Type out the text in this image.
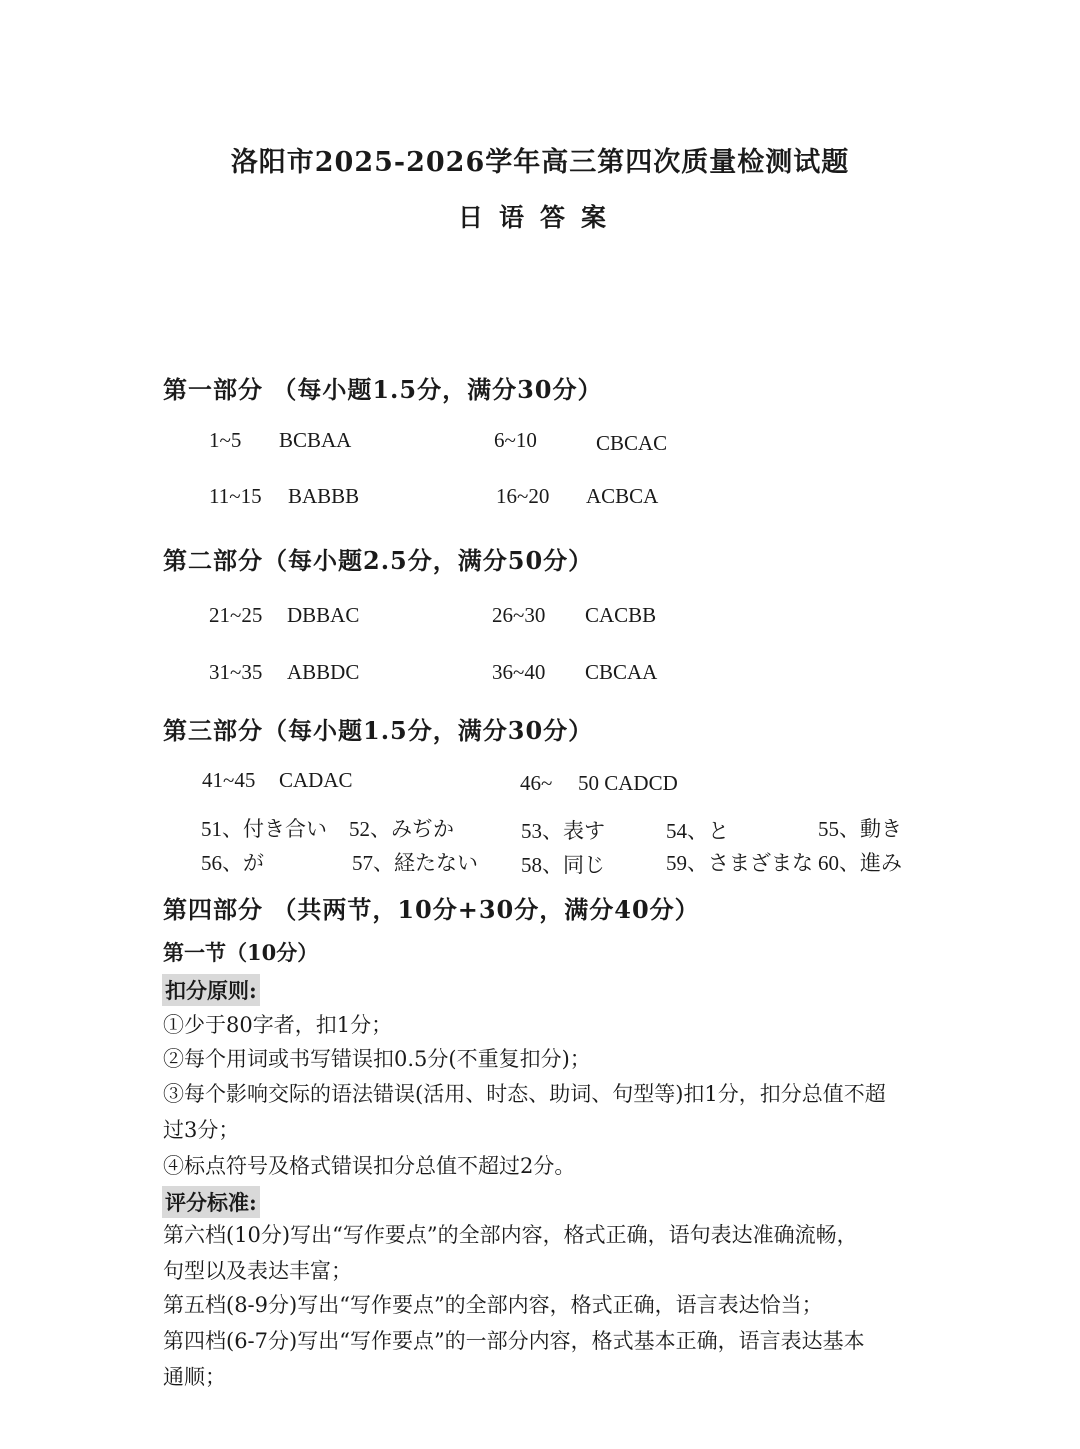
洛阳市2025-2026学年高三第四次质量检测试题
日语答案
第一部分 （每小题1.5分，满分30分）
1~5 BCBAA	6~10	CBCAC
11~15 BABBB	16~20 ACBCA
第二部分（每小题2.5分，满分50分）
21~25 DBBAC	26~30 CACBB
31~35 ABBDC	36~40 CBCAA
第三部分（每小题1.5分，满分30分）
41~45 CADAC	46~ 50 CADCD
51、付き合い 52、みぢか	53、表す	54、と	55、動き
56、が	57、経たない 58、同じ	59、さまざまな 60、進み
第四部分 （共两节，10分+30分，满分40分）
第一节（10分）
扣分原则:
①少于80字者，扣1分；
②每个用词或书写错误扣0.5分(不重复扣分)；
③每个影响交际的语法错误(活用、时态、助词、句型等)扣1分，扣分总值不超
过3分；
④标点符号及格式错误扣分总值不超过2分。
评分标准:
第六档(10分)写出“写作要点”的全部内容，格式正确，语句表达准确流畅，
句型以及表达丰富；
第五档(8-9分)写出“写作要点”的全部内容，格式正确，语言表达恰当；
第四档(6-7分)写出“写作要点”的一部分内容，格式基本正确，语言表达基本
通顺；
